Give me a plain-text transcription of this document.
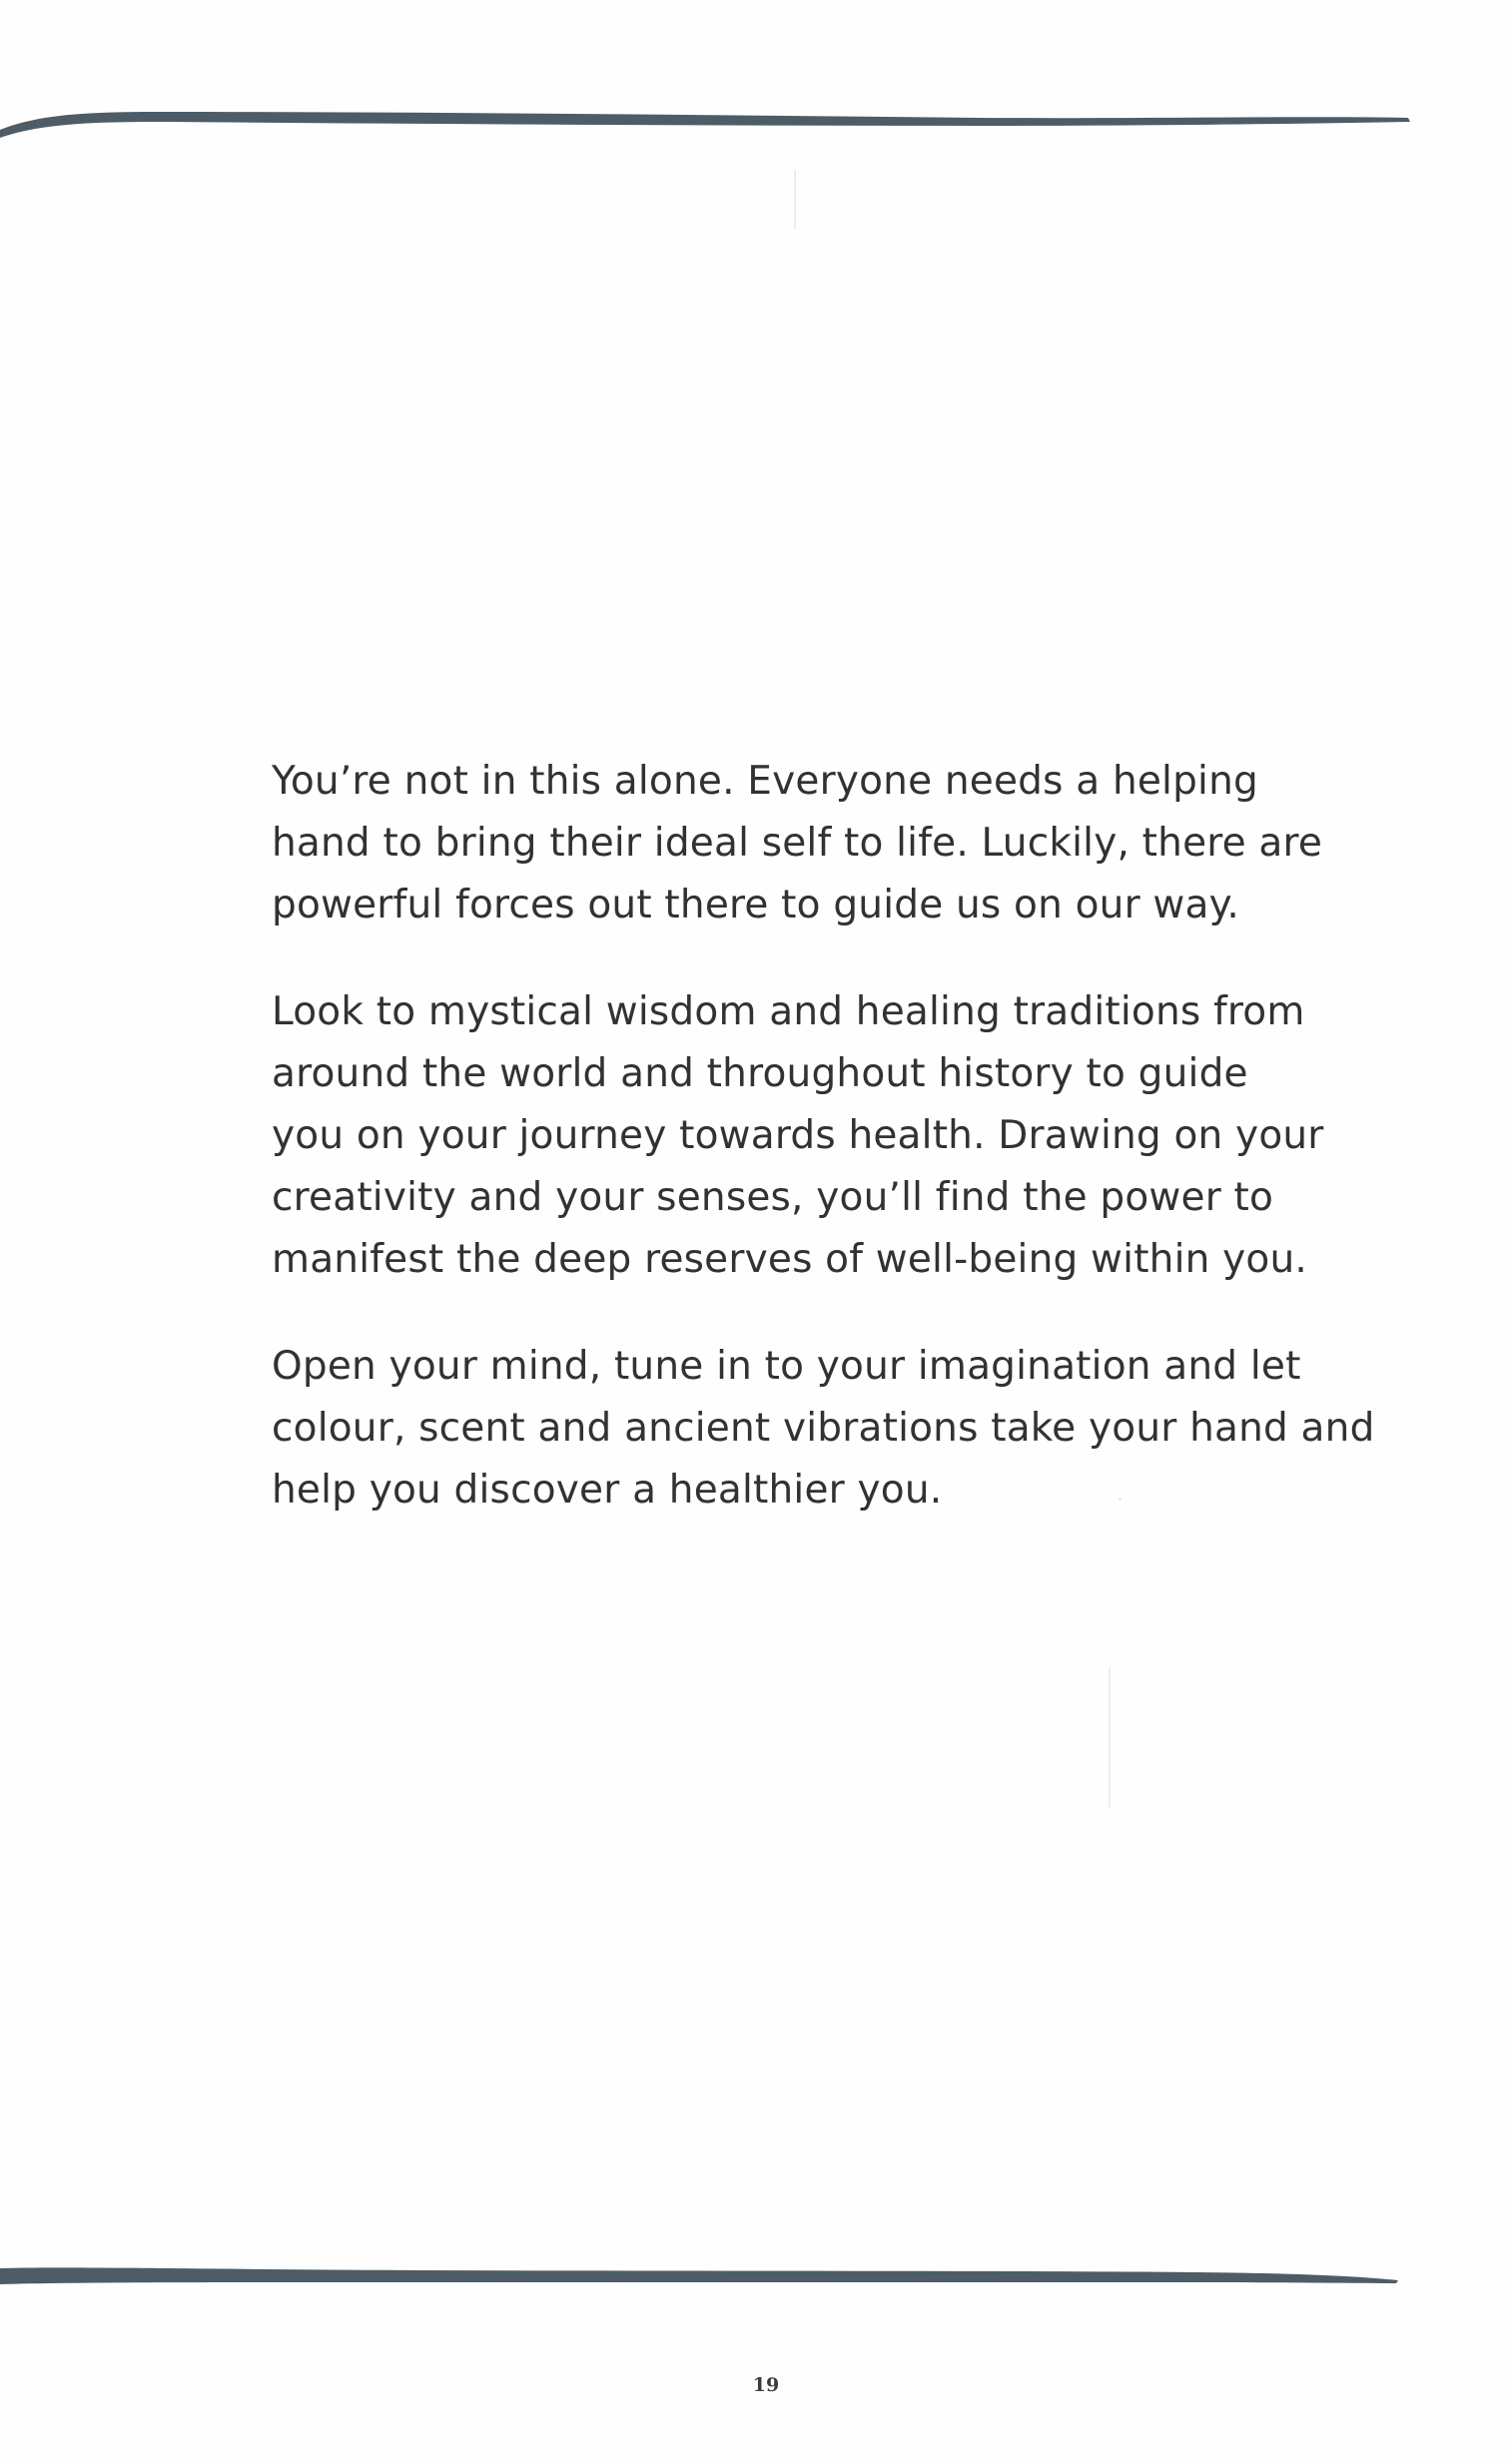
You’re not in this alone. Everyone needs a helping
hand to bring their ideal self to life. Luckily, there are
powerful forces out there to guide us on our way.

Look to mystical wisdom and healing traditions from
around the world and throughout history to guide
you on your journey towards health. Drawing on your
creativity and your senses, you’ll find the power to
manifest the deep reserves of well-being within you.

Open your mind, tune in to your imagination and let
colour, scent and ancient vibrations take your hand and
help you discover a healthier you.

19
